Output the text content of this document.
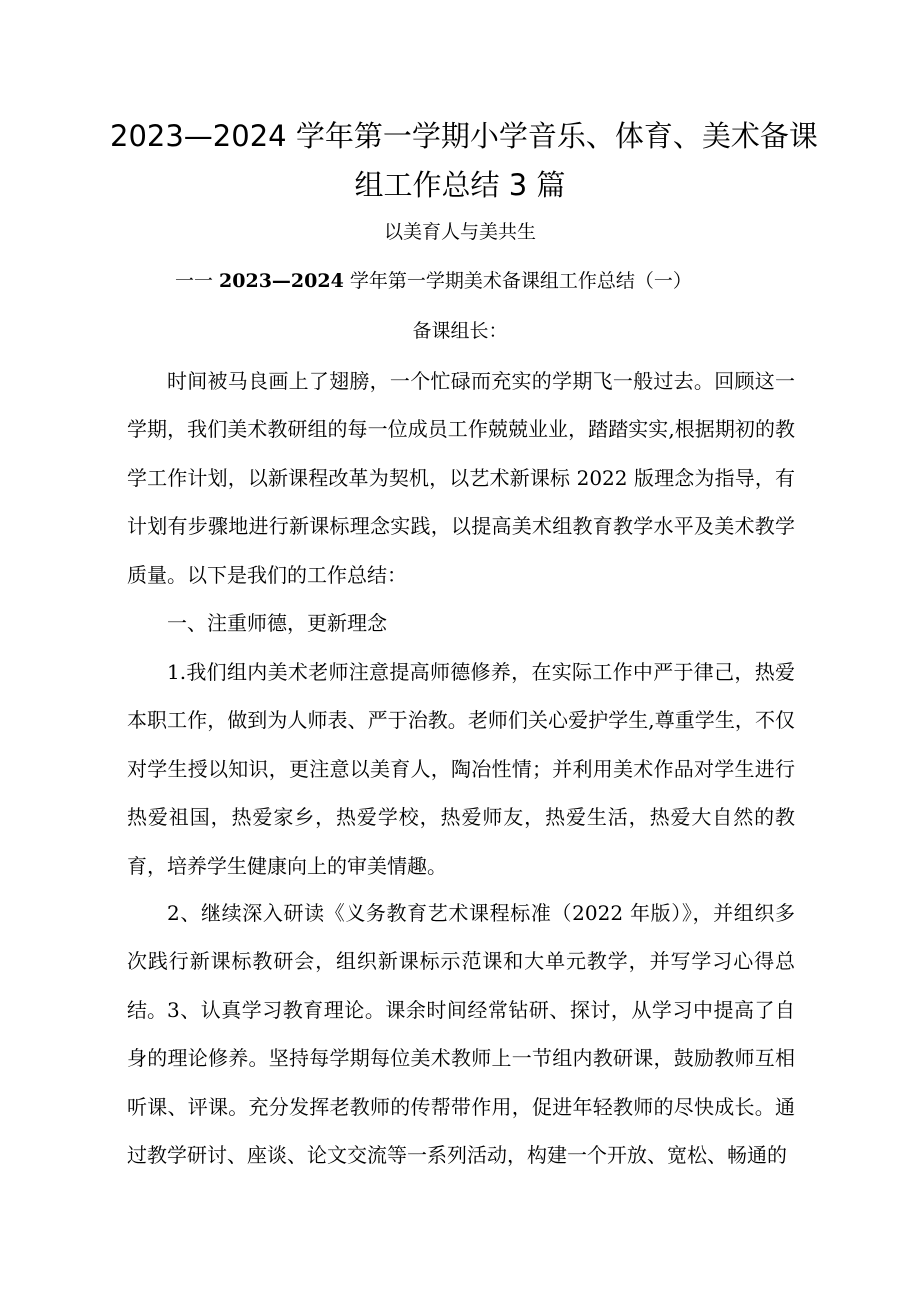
2023—2024 学年第一学期小学音乐、体育、美术备课
组工作总结 3 篇
以美育人与美共生
一一 2023—2024 学年第一学期美术备课组工作总结（一）
备课组长：

时间被马良画上了翅膀，一个忙碌而充实的学期飞一般过去。回顾这一学期，我们美术教研组的每一位成员工作兢兢业业，踏踏实实,根据期初的教学工作计划，以新课程改革为契机，以艺术新课标 2022 版理念为指导，有计划有步骤地进行新课标理念实践，以提高美术组教育教学水平及美术教学质量。以下是我们的工作总结：

一、注重师德，更新理念

1.我们组内美术老师注意提高师德修养，在实际工作中严于律己，热爱本职工作，做到为人师表、严于治教。老师们关心爱护学生,尊重学生，不仅对学生授以知识，更注意以美育人，陶冶性情；并利用美术作品对学生进行热爱祖国，热爱家乡，热爱学校，热爱师友，热爱生活，热爱大自然的教育，培养学生健康向上的审美情趣。

2、继续深入研读《义务教育艺术课程标准（2022 年版）》，并组织多次践行新课标教研会，组织新课标示范课和大单元教学，并写学习心得总结。 3、认真学习教育理论。课余时间经常钻研、探讨，从学习中提高了自身的理论修养。坚持每学期每位美术教师上一节组内教研课，鼓励教师互相听课、评课。充分发挥老教师的传帮带作用，促进年轻教师的尽快成长。通过教学研讨、座谈、论文交流等一系列活动，构建一个开放、宽松、畅通的
